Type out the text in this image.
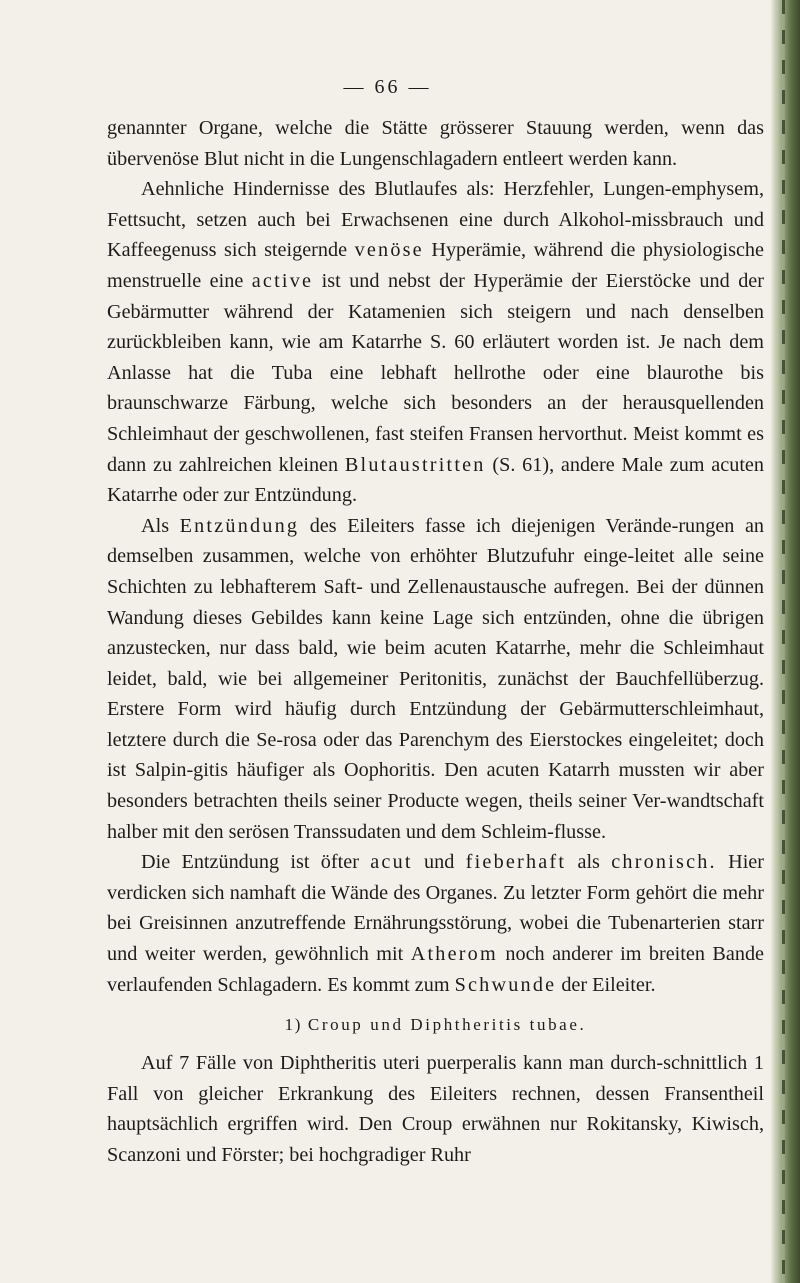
— 66 —

genannter Organe, welche die Stätte grösserer Stauung werden, wenn das übervenöse Blut nicht in die Lungenschlagadern entleert werden kann.

Aehnliche Hindernisse des Blutlaufes als: Herzfehler, Lungen-emphysem, Fettsucht, setzen auch bei Erwachsenen eine durch Alkohol-missbrauch und Kaffeegenuss sich steigernde venöse Hyperämie, während die physiologische menstruelle eine active ist und nebst der Hyperämie der Eierstöcke und der Gebärmutter während der Katamenien sich steigern und nach denselben zurückbleiben kann, wie am Katarrhe S. 60 erläutert worden ist. Je nach dem Anlasse hat die Tuba eine lebhaft hellrothe oder eine blaurothe bis braunschwarze Färbung, welche sich besonders an der herausquellenden Schleimhaut der geschwollenen, fast steifen Fransen hervorthut. Meist kommt es dann zu zahlreichen kleinen Blutaustritten (S. 61), andere Male zum acuten Katarrhe oder zur Entzündung.

Als Entzündung des Eileiters fasse ich diejenigen Verände-rungen an demselben zusammen, welche von erhöhter Blutzufuhr einge-leitet alle seine Schichten zu lebhafterem Saft- und Zellenaustausche aufregen. Bei der dünnen Wandung dieses Gebildes kann keine Lage sich entzünden, ohne die übrigen anzustecken, nur dass bald, wie beim acuten Katarrhe, mehr die Schleimhaut leidet, bald, wie bei allgemeiner Peritonitis, zunächst der Bauchfellüberzug. Erstere Form wird häufig durch Entzündung der Gebärmutterschleimhaut, letztere durch die Se-rosa oder das Parenchym des Eierstockes eingeleitet; doch ist Salpin-gitis häufiger als Oophoritis. Den acuten Katarrh mussten wir aber besonders betrachten theils seiner Producte wegen, theils seiner Ver-wandtschaft halber mit den serösen Transsudaten und dem Schleim-flusse.

Die Entzündung ist öfter acut und fieberhaft als chronisch. Hier verdicken sich namhaft die Wände des Organes. Zu letzter Form gehört die mehr bei Greisinnen anzutreffende Ernährungsstörung, wobei die Tubenarterien starr und weiter werden, gewöhnlich mit Atherom noch anderer im breiten Bande verlaufenden Schlagadern. Es kommt zum Schwunde der Eileiter.

1) Croup und Diphtheritis tubae.

Auf 7 Fälle von Diphtheritis uteri puerperalis kann man durch-schnittlich 1 Fall von gleicher Erkrankung des Eileiters rechnen, dessen Fransentheil hauptsächlich ergriffen wird. Den Croup erwähnen nur Rokitansky, Kiwisch, Scanzoni und Förster; bei hochgradiger Ruhr
